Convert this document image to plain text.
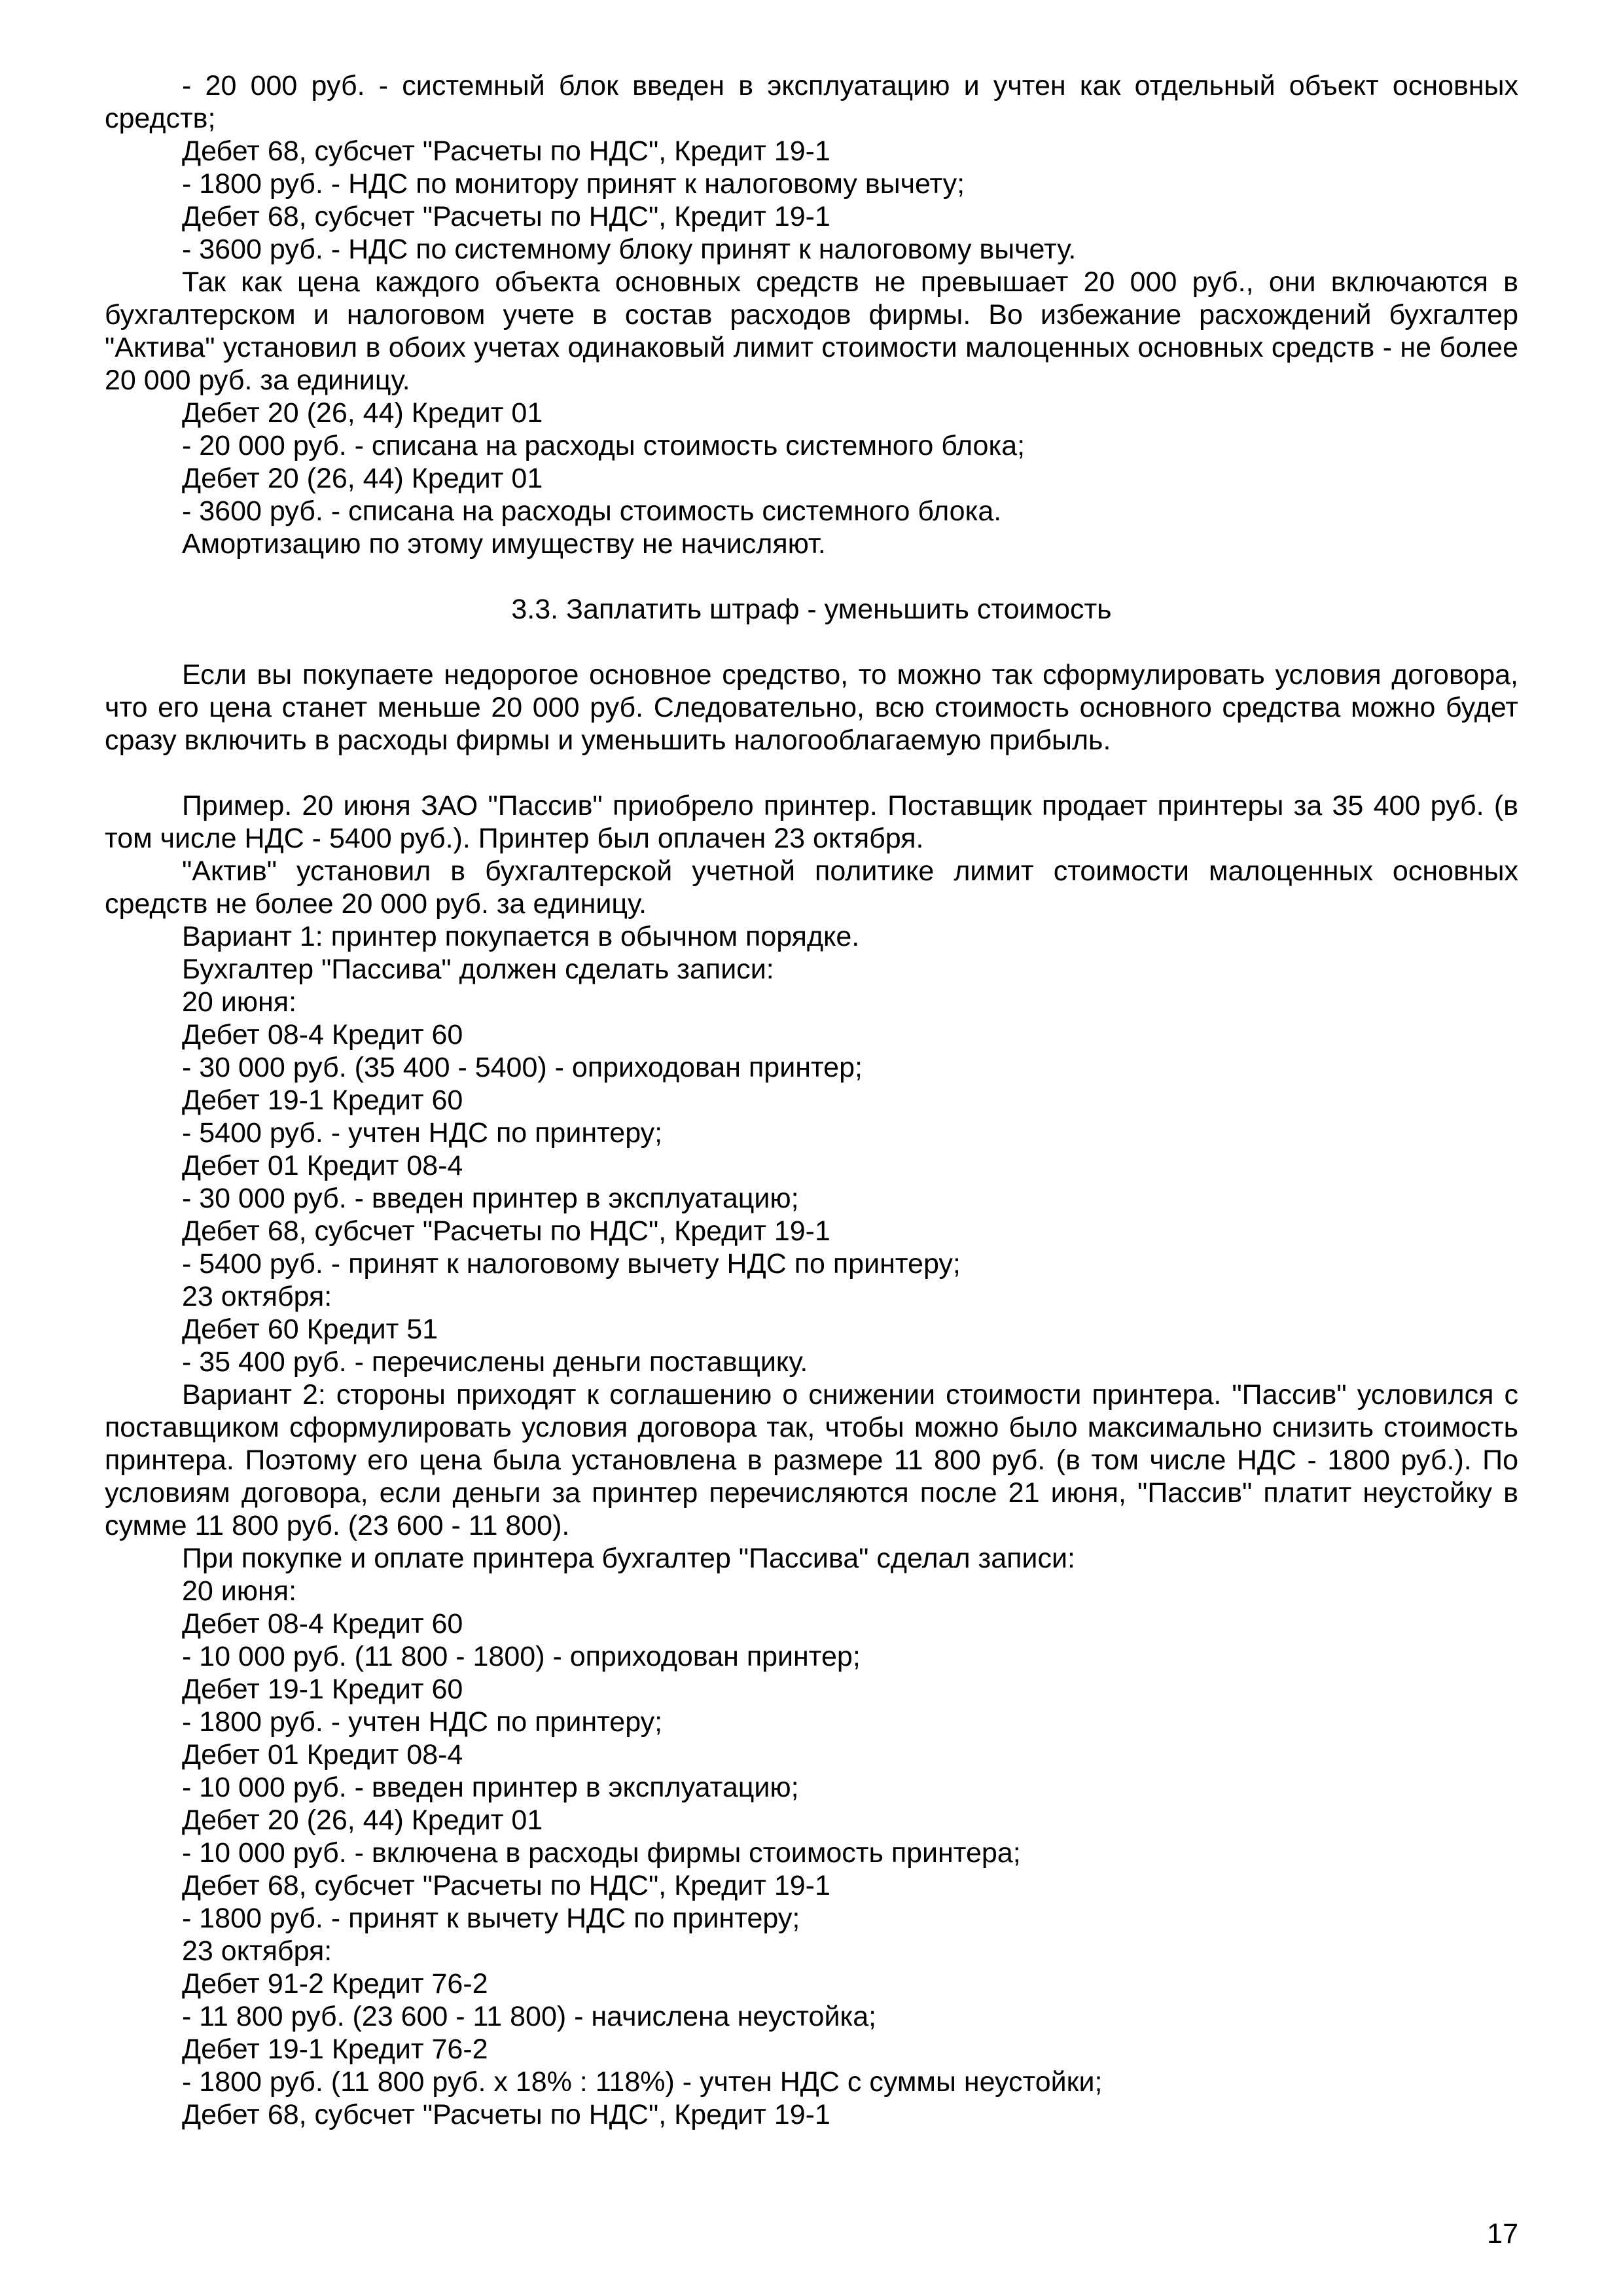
- 20 000 руб. - системный блок введен в эксплуатацию и учтен как отдельный объект основных средств;

Дебет 68, субсчет "Расчеты по НДС", Кредит 19-1

- 1800 руб. - НДС по монитору принят к налоговому вычету;

Дебет 68, субсчет "Расчеты по НДС", Кредит 19-1

- 3600 руб. - НДС по системному блоку принят к налоговому вычету.

Так как цена каждого объекта основных средств не превышает 20 000 руб., они включаются в бухгалтерском и налоговом учете в состав расходов фирмы. Во избежание расхождений бухгалтер "Актива" установил в обоих учетах одинаковый лимит стоимости малоценных основных средств - не более 20 000 руб. за единицу.

Дебет 20 (26, 44) Кредит 01

- 20 000 руб. - списана на расходы стоимость системного блока;

Дебет 20 (26, 44) Кредит 01

- 3600 руб. - списана на расходы стоимость системного блока.

Амортизацию по этому имуществу не начисляют.

3.3. Заплатить штраф - уменьшить стоимость

Если вы покупаете недорогое основное средство, то можно так сформулировать условия договора, что его цена станет меньше 20 000 руб. Следовательно, всю стоимость основного средства можно будет сразу включить в расходы фирмы и уменьшить налогооблагаемую прибыль.

Пример. 20 июня ЗАО "Пассив" приобрело принтер. Поставщик продает принтеры за 35 400 руб. (в том числе НДС - 5400 руб.). Принтер был оплачен 23 октября.

"Актив" установил в бухгалтерской учетной политике лимит стоимости малоценных основных средств не более 20 000 руб. за единицу.

Вариант 1: принтер покупается в обычном порядке.

Бухгалтер "Пассива" должен сделать записи:

20 июня:

Дебет 08-4 Кредит 60

- 30 000 руб. (35 400 - 5400) - оприходован принтер;

Дебет 19-1 Кредит 60

- 5400 руб. - учтен НДС по принтеру;

Дебет 01 Кредит 08-4

- 30 000 руб. - введен принтер в эксплуатацию;

Дебет 68, субсчет "Расчеты по НДС", Кредит 19-1

- 5400 руб. - принят к налоговому вычету НДС по принтеру;

23 октября:

Дебет 60 Кредит 51

- 35 400 руб. - перечислены деньги поставщику.

Вариант 2: стороны приходят к соглашению о снижении стоимости принтера. "Пассив" условился с поставщиком сформулировать условия договора так, чтобы можно было максимально снизить стоимость принтера. Поэтому его цена была установлена в размере 11 800 руб. (в том числе НДС - 1800 руб.). По условиям договора, если деньги за принтер перечисляются после 21 июня, "Пассив" платит неустойку в сумме 11 800 руб. (23 600 - 11 800).

При покупке и оплате принтера бухгалтер "Пассива" сделал записи:

20 июня:

Дебет 08-4 Кредит 60

- 10 000 руб. (11 800 - 1800) - оприходован принтер;

Дебет 19-1 Кредит 60

- 1800 руб. - учтен НДС по принтеру;

Дебет 01 Кредит 08-4

- 10 000 руб. - введен принтер в эксплуатацию;

Дебет 20 (26, 44) Кредит 01

- 10 000 руб. - включена в расходы фирмы стоимость принтера;

Дебет 68, субсчет "Расчеты по НДС", Кредит 19-1

- 1800 руб. - принят к вычету НДС по принтеру;

23 октября:

Дебет 91-2 Кредит 76-2

- 11 800 руб. (23 600 - 11 800) - начислена неустойка;

Дебет 19-1 Кредит 76-2

- 1800 руб. (11 800 руб. x 18% : 118%) - учтен НДС с суммы неустойки;

Дебет 68, субсчет "Расчеты по НДС", Кредит 19-1

17
